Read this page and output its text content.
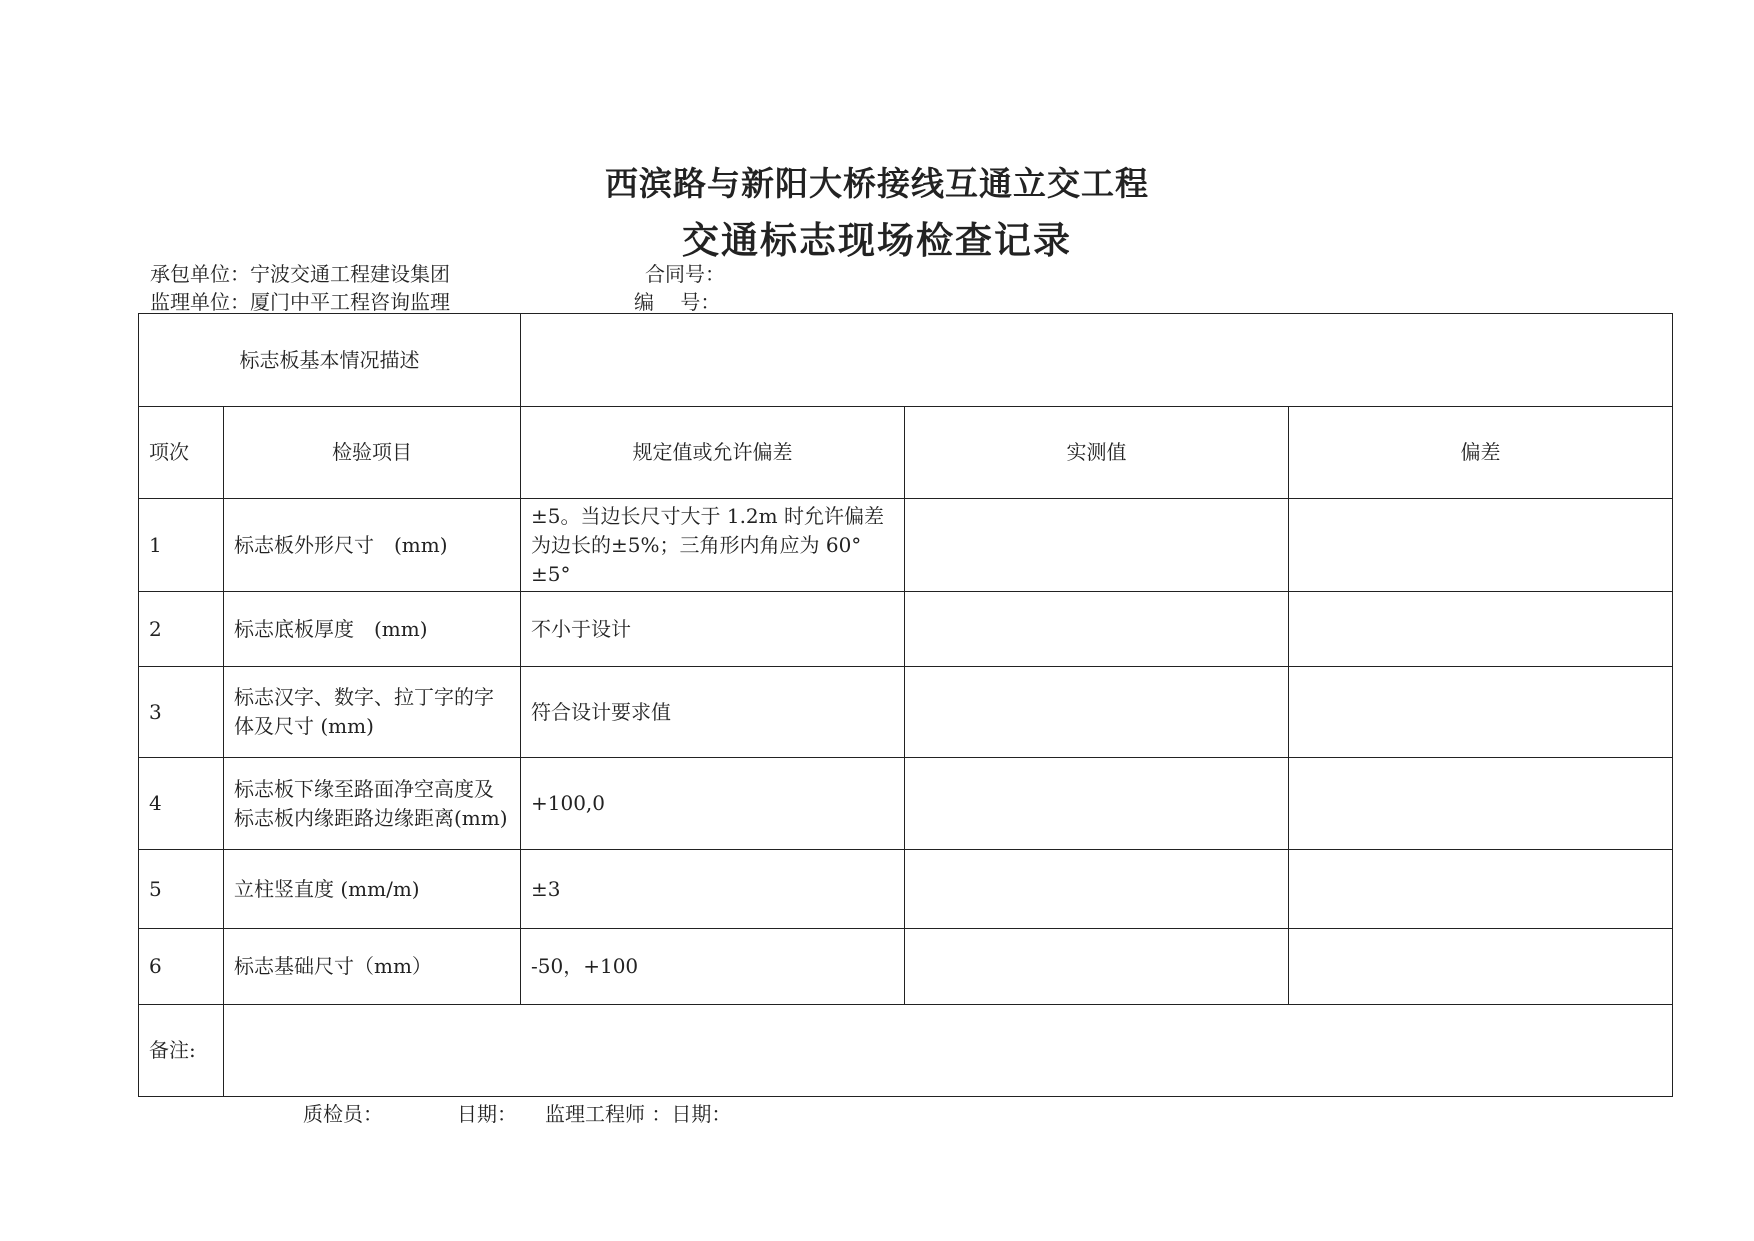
西滨路与新阳大桥接线互通立交工程
交通标志现场检查记录
承包单位：宁波交通工程建设集团	合同号：
监理单位：厦门中平工程咨询监理	编　 号：
标志板基本情况描述				
项次	检验项目	规定值或允许偏差	实测值	偏差
1	标志板外形尺寸　(mm)	±5。当边长尺寸大于 1.2m 时允许偏差为边长的±5%；三角形内角应为 60°　±5°		
2	标志底板厚度　(mm)	不小于设计		
3	标志汉字、数字、拉丁字的字体及尺寸 (mm)	符合设计要求值		
4	标志板下缘至路面净空高度及标志板内缘距路边缘距离(mm)	+100,0		
5	立柱竖直度 (mm/m)	±3		
6	标志基础尺寸（mm）	-50，+100		
备注:				
质检员：	日期： 监理工程师 ：日期：
